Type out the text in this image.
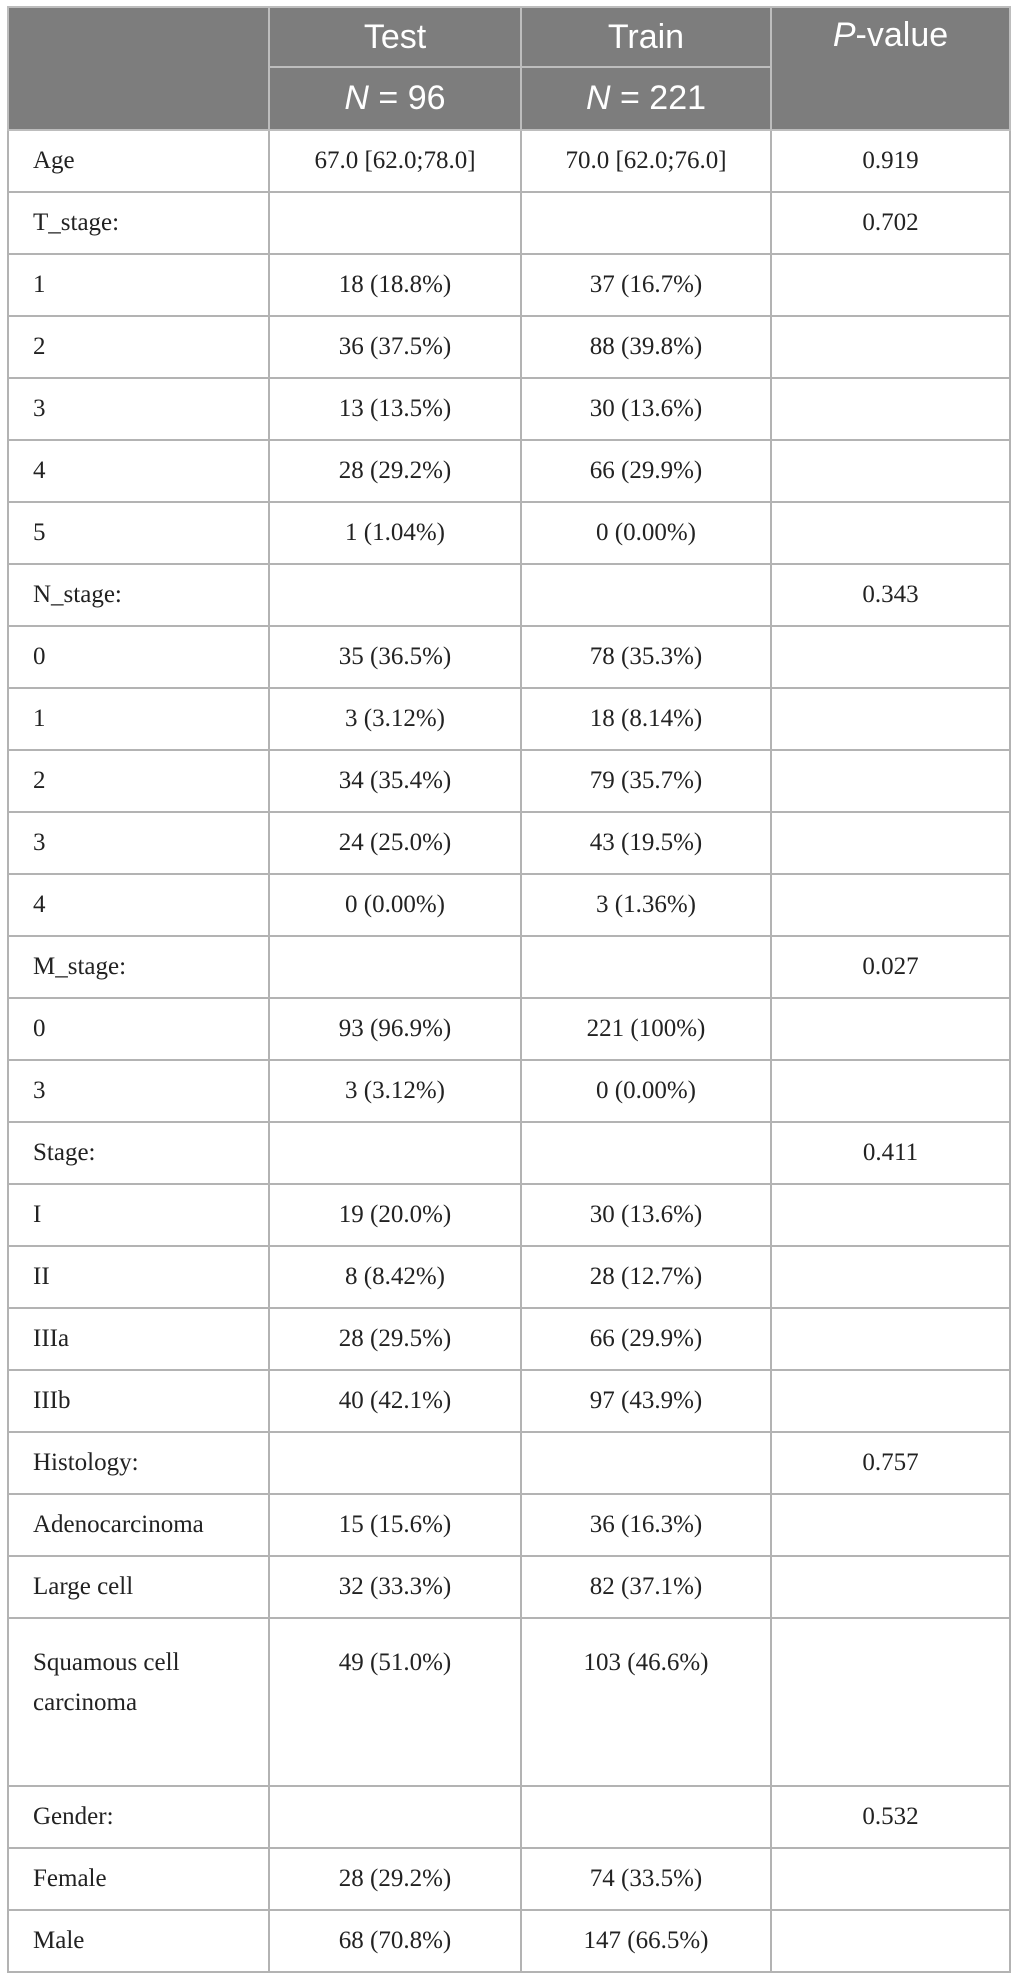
	Test	Train	P-value
	N = 96	N = 221	
Age	67.0 [62.0;78.0]	70.0 [62.0;76.0]	0.919
T_stage:			0.702
1	18 (18.8%)	37 (16.7%)	
2	36 (37.5%)	88 (39.8%)	
3	13 (13.5%)	30 (13.6%)	
4	28 (29.2%)	66 (29.9%)	
5	1 (1.04%)	0 (0.00%)	
N_stage:			0.343
0	35 (36.5%)	78 (35.3%)	
1	3 (3.12%)	18 (8.14%)	
2	34 (35.4%)	79 (35.7%)	
3	24 (25.0%)	43 (19.5%)	
4	0 (0.00%)	3 (1.36%)	
M_stage:			0.027
0	93 (96.9%)	221 (100%)	
3	3 (3.12%)	0 (0.00%)	
Stage:			0.411
I	19 (20.0%)	30 (13.6%)	
II	8 (8.42%)	28 (12.7%)	
IIIa	28 (29.5%)	66 (29.9%)	
IIIb	40 (42.1%)	97 (43.9%)	
Histology:			0.757
Adenocarcinoma	15 (15.6%)	36 (16.3%)	
Large cell	32 (33.3%)	82 (37.1%)	

Squamous cell
carcinoma	49 (51.0%)	103 (46.6%)	

Gender:			0.532
Female	28 (29.2%)	74 (33.5%)	
Male	68 (70.8%)	147 (66.5%)	
